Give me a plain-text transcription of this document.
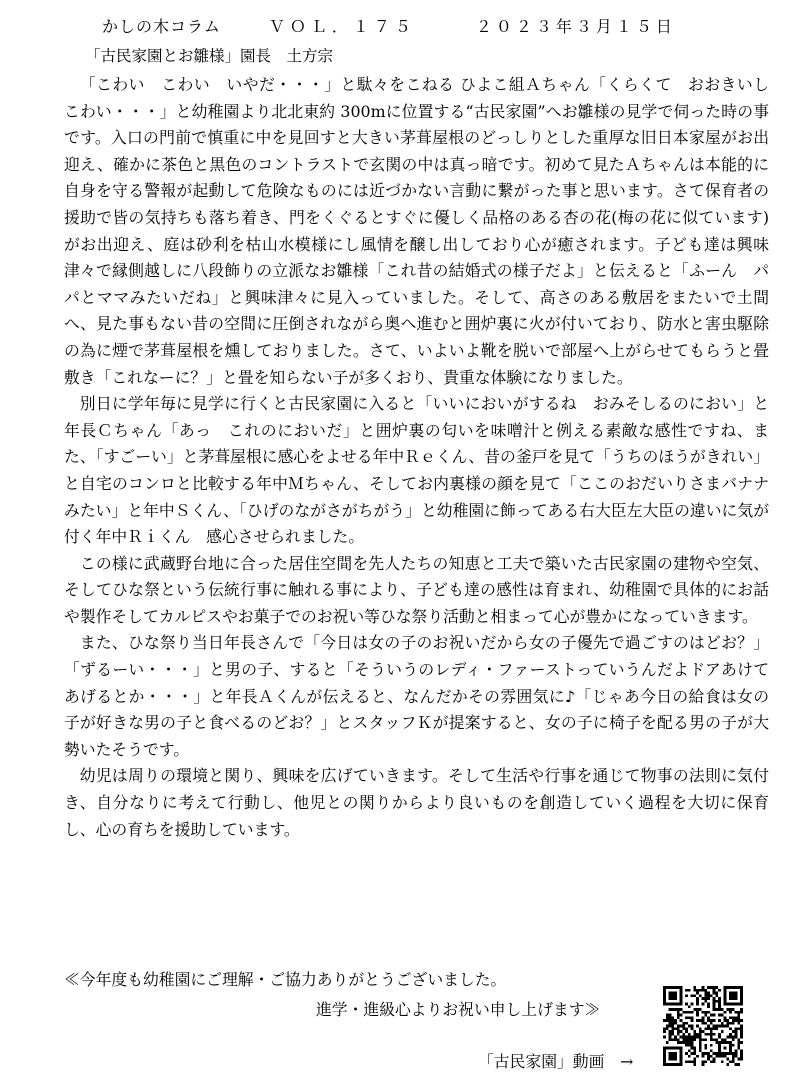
かしの木コラム	ＶＯＬ．１７５	２０２３年３月１５日
「古民家園とお雛様」園長　土方宗

「こわい　こわい　いやだ・・・」と駄々をこねる ひよこ組Ａちゃん「くらくて　おおきいし　こわい・・・」と幼稚園より北北東約 300mに位置する“古民家園”へお雛様の見学で伺った時の事です。入口の門前で慎重に中を見回すと大きい茅葺屋根のどっしりとした重厚な旧日本家屋がお出迎え、確かに茶色と黒色のコントラストで玄関の中は真っ暗です。初めて見たＡちゃんは本能的に自身を守る警報が起動して危険なものには近づかない言動に繋がった事と思います。さて保育者の援助で皆の気持ちも落ち着き、門をくぐるとすぐに優しく品格のある杏の花(梅の花に似ています)がお出迎え、庭は砂利を枯山水模様にし風情を醸し出しており心が癒されます。子ども達は興味津々で縁側越しに八段飾りの立派なお雛様「これ昔の結婚式の様子だよ」と伝えると「ふーん　パパとママみたいだね」と興味津々に見入っていました。そして、高さのある敷居をまたいで土間へ、見た事もない昔の空間に圧倒されながら奥へ進むと囲炉裏に火が付いており、防水と害虫駆除の為に煙で茅葺屋根を燻しておりました。さて、いよいよ靴を脱いで部屋へ上がらせてもらうと畳敷き「これなーに？」と畳を知らない子が多くおり、貴重な体験になりました。

別日に学年毎に見学に行くと古民家園に入ると「いいにおいがするね　おみそしるのにおい」と年長Ｃちゃん「あっ　これのにおいだ」と囲炉裏の匂いを味噌汁と例える素敵な感性ですね、また、「すごーい」と茅葺屋根に感心をよせる年中Ｒｅくん、昔の釜戸を見て「うちのほうがきれい」と自宅のコンロと比較する年中Ｍちゃん、そしてお内裏様の顔を見て「ここのおだいりさまバナナみたい」と年中Ｓくん、「ひげのながさがちがう」と幼稚園に飾ってある右大臣左大臣の違いに気が付く年中Ｒｉくん　感心させられました。

この様に武蔵野台地に合った居住空間を先人たちの知恵と工夫で築いた古民家園の建物や空気、そしてひな祭という伝統行事に触れる事により、子ども達の感性は育まれ、幼稚園で具体的にお話や製作そしてカルピスやお菓子でのお祝い等ひな祭り活動と相まって心が豊かになっていきます。

また、ひな祭り当日年長さんで「今日は女の子のお祝いだから女の子優先で過ごすのはどお？」「ずるーい・・・」と男の子、すると「そういうのレディ・ファーストっていうんだよドアあけてあげるとか・・・」と年長Ａくんが伝えると、なんだかその雰囲気に♪「じゃあ今日の給食は女の子が好きな男の子と食べるのどお？」とスタッフＫが提案すると、女の子に椅子を配る男の子が大勢いたそうです。

幼児は周りの環境と関り、興味を広げていきます。そして生活や行事を通じて物事の法則に気付き、自分なりに考えて行動し、他児との関りからより良いものを創造していく過程を大切に保育し、心の育ちを援助しています。

≪今年度も幼稚園にご理解・ご協力ありがとうございました。
進学・進級心よりお祝い申し上げます≫
「古民家園」動画　→
